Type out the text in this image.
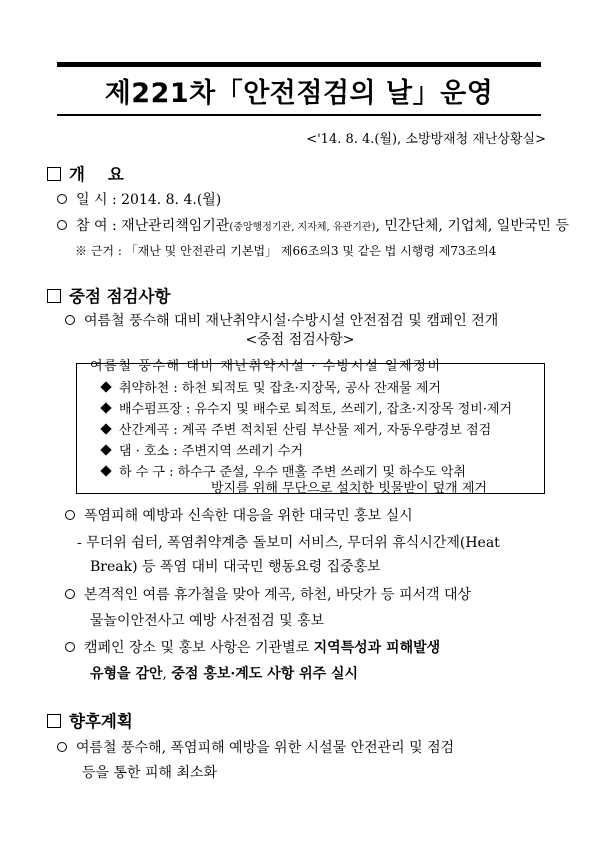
제221차「안전점검의 날」운영
<'14. 8. 4.(월), 소방방재청 재난상황실>
개    요
일 시 : 2014. 8. 4.(월)
참 여 : 재난관리책임기관(중앙행정기관, 지자체, 유관기관), 민간단체, 기업체, 일반국민 등
※ 근거 : 「재난 및 안전관리 기본법」 제66조의3 및 같은 법 시행령 제73조의4
중점 점검사항
여름철 풍수해 대비 재난취약시설·수방시설 안전점검 및 캠페인 전개
<중점 점검사항>
여름철 풍수해 대비 재난취약시설 · 수방시설 일제정비
취약하천 : 하천 퇴적토 및 잡초·지장목, 공사 잔재물 제거
배수펌프장 : 유수지 및 배수로 퇴적토, 쓰레기, 잡초·지장목 정비·제거
산간계곡 : 계곡 주변 적치된 산림 부산물 제거, 자동우량경보 점검
댐 · 호소 : 주변지역 쓰레기 수거
하 수 구 : 하수구 준설, 우수 맨홀 주변 쓰레기 및 하수도 악취
방지를 위해 무단으로 설치한 빗물받이 덮개 제거
폭염피해 예방과 신속한 대응을 위한 대국민 홍보 실시
- 무더위 쉼터, 폭염취약계층 돌보미 서비스, 무더위 휴식시간제(Heat
Break) 등 폭염 대비 대국민 행동요령 집중홍보
본격적인 여름 휴가철을 맞아 계곡, 하천, 바닷가 등 피서객 대상
물놀이안전사고 예방 사전점검 및 홍보
캠페인 장소 및 홍보 사항은 기관별로 지역특성과 피해발생
유형을 감안, 중점 홍보·계도 사항 위주 실시
향후계획
여름철 풍수해, 폭염피해 예방을 위한 시설물 안전관리 및 점검
등을 통한 피해 최소화
